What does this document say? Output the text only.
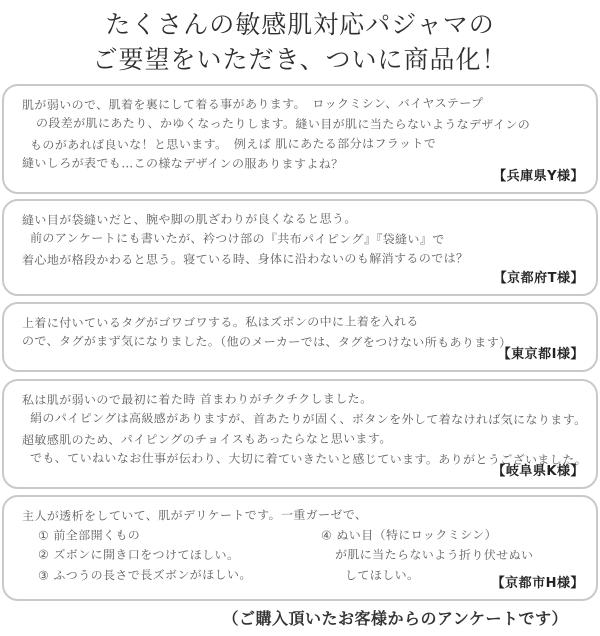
たくさんの敏感肌対応パジャマの
ご要望をいただき、ついに商品化！
肌が弱いので、肌着を裏にして着る事があります。　ロックミシン、バイヤステープ
の段差が肌にあたり、かゆくなったりします。縫い目が肌に当たらないようなデザインの
ものがあれば良いな！と思います。　例えば 肌にあたる部分はフラットで
縫いしろが表でも…この様なデザインの服ありますよね？
【兵庫県Y様】
縫い目が袋縫いだと、腕や脚の肌ざわりが良くなると思う。
前のアンケートにも書いたが、衿つけ部の『共布パイピング』『袋縫い』で
着心地が格段かわると思う。寝ている時、身体に沿わないのも解消するのでは？
【京都府T様】
上着に付いているタグがゴワゴワする。私はズボンの中に上着を入れる
ので、タグがまず気になりました。（他のメーカーでは、タグをつけない所もあります）
【東京都I様】
私は肌が弱いので最初に着た時 首まわりがチクチクしました。
絹のパイピングは高級感がありますが、首あたりが固く、ボタンを外して着なければ気になります。
超敏感肌のため、パイピングのチョイスもあったらなと思います。
でも、ていねいなお仕事が伝わり、大切に着ていきたいと感じています。ありがとうございました。
【岐阜県K様】
主人が透析をしていて、肌がデリケートです。一重ガーゼで、
① 前全部開くもの
② ズボンに開き口をつけてほしい。
③ ふつうの長さで長ズボンがほしい。
④ ぬい目（特にロックミシン）
が肌に当たらないよう折り伏せぬい
してほしい。
【京都市H様】
（ご購入頂いたお客様からのアンケートです）
